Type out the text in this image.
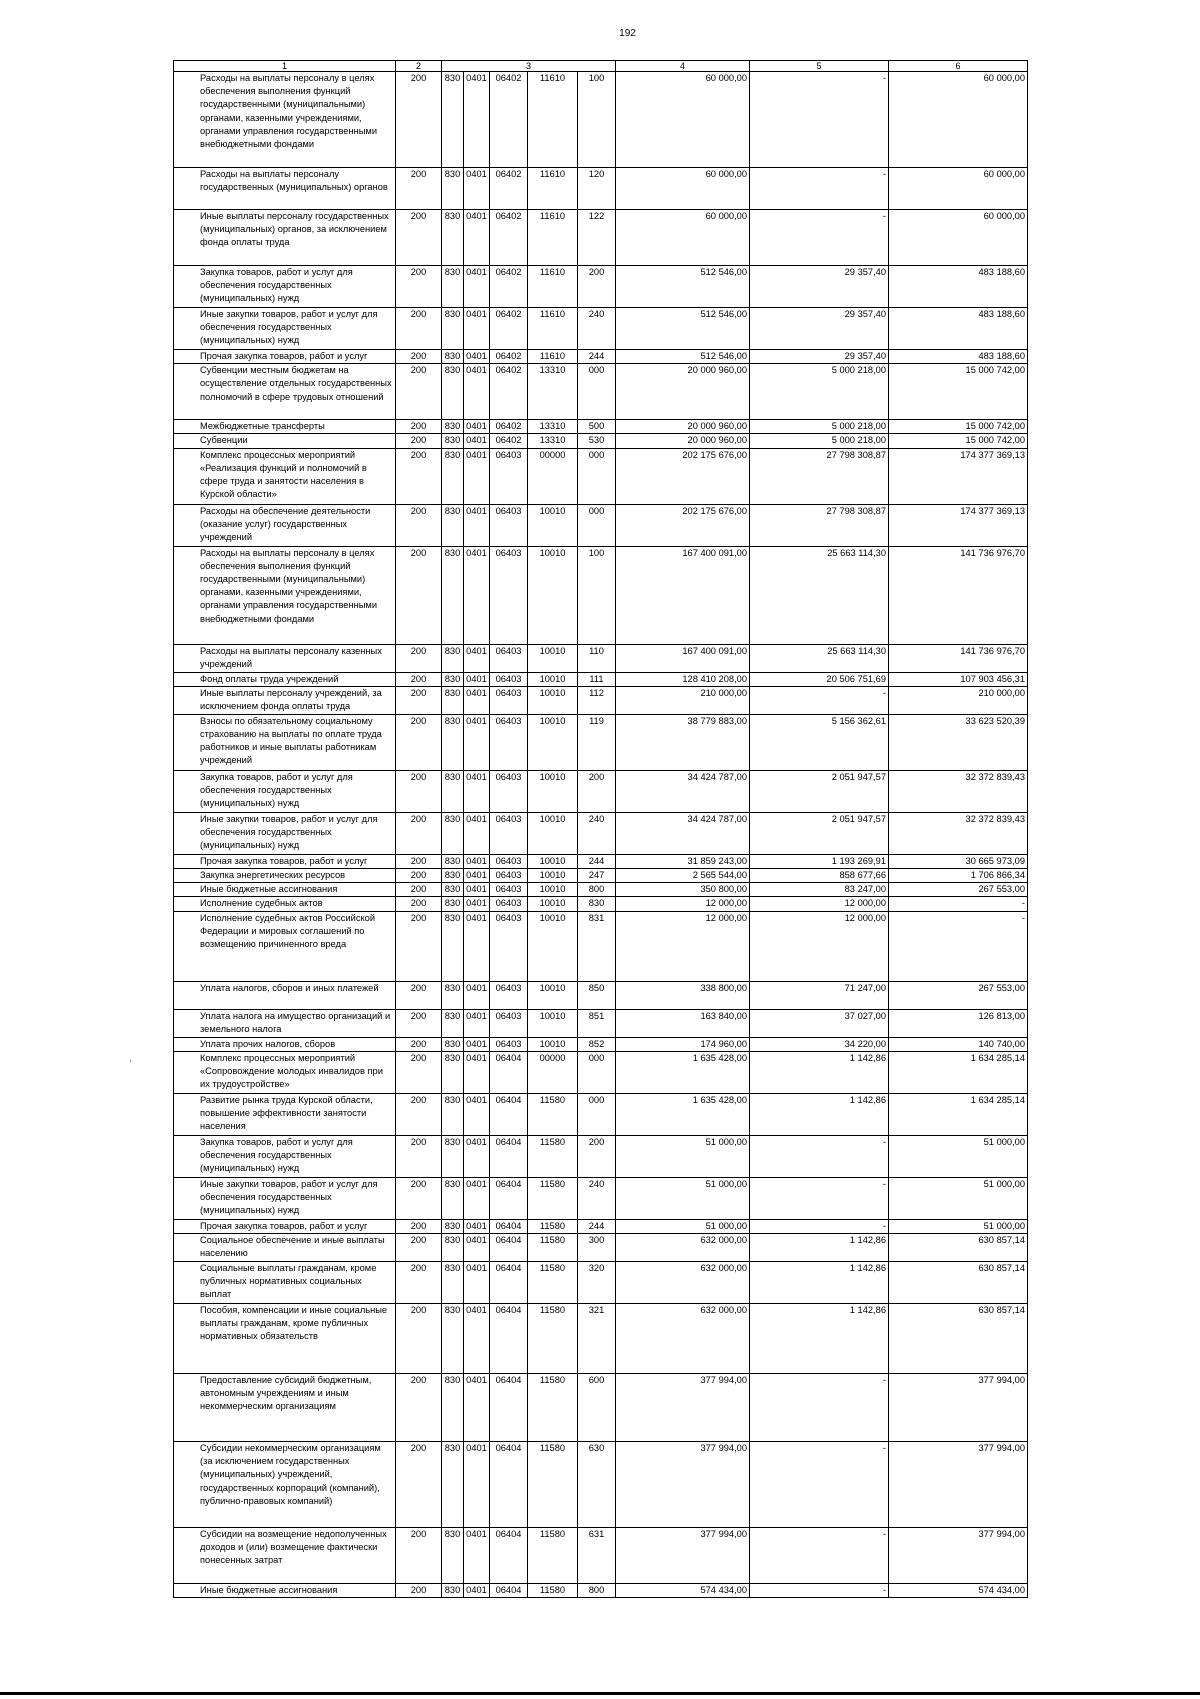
192
1	2	3					4	5	6
Расходы на выплаты персоналу в целях обеспечения выполнения функций государственными (муниципальными) органами, казенными учреждениями, органами управления государственными внебюджетными фондами	200	830	0401	06402	11610	100	60 000,00	-	60 000,00
Расходы на выплаты персоналу государственных (муниципальных) органов	200	830	0401	06402	11610	120	60 000,00	-	60 000,00
Иные выплаты персоналу государственных (муниципальных) органов, за исключением фонда оплаты труда	200	830	0401	06402	11610	122	60 000,00	-	60 000,00
Закупка товаров, работ и услуг для обеспечения государственных (муниципальных) нужд	200	830	0401	06402	11610	200	512 546,00	29 357,40	483 188,60
Иные закупки товаров, работ и услуг для обеспечения государственных (муниципальных) нужд	200	830	0401	06402	11610	240	512 546,00	29 357,40	483 188,60
Прочая закупка товаров, работ и услуг	200	830	0401	06402	11610	244	512 546,00	29 357,40	483 188,60
Субвенции местным бюджетам на осуществление отдельных государственных полномочий в сфере трудовых отношений	200	830	0401	06402	13310	000	20 000 960,00	5 000 218,00	15 000 742,00
Межбюджетные трансферты	200	830	0401	06402	13310	500	20 000 960,00	5 000 218,00	15 000 742,00
Субвенции	200	830	0401	06402	13310	530	20 000 960,00	5 000 218,00	15 000 742,00
Комплекс процессных мероприятий «Реализация функций и полномочий в сфере труда и занятости населения в Курской области»	200	830	0401	06403	00000	000	202 175 676,00	27 798 308,87	174 377 369,13
Расходы на обеспечение деятельности (оказание услуг) государственных учреждений	200	830	0401	06403	10010	000	202 175 676,00	27 798 308,87	174 377 369,13
Расходы на выплаты персоналу в целях обеспечения выполнения функций государственными (муниципальными) органами, казенными учреждениями, органами управления государственными внебюджетными фондами	200	830	0401	06403	10010	100	167 400 091,00	25 663 114,30	141 736 976,70
Расходы на выплаты персоналу казенных учреждений	200	830	0401	06403	10010	110	167 400 091,00	25 663 114,30	141 736 976,70
Фонд оплаты труда учреждений	200	830	0401	06403	10010	111	128 410 208,00	20 506 751,69	107 903 456,31
Иные выплаты персоналу учреждений, за исключением фонда оплаты труда	200	830	0401	06403	10010	112	210 000,00	-	210 000,00
Взносы по обязательному социальному страхованию на выплаты по оплате труда работников и иные выплаты работникам учреждений	200	830	0401	06403	10010	119	38 779 883,00	5 156 362,61	33 623 520,39
Закупка товаров, работ и услуг для обеспечения государственных (муниципальных) нужд	200	830	0401	06403	10010	200	34 424 787,00	2 051 947,57	32 372 839,43
Иные закупки товаров, работ и услуг для обеспечения государственных (муниципальных) нужд	200	830	0401	06403	10010	240	34 424 787,00	2 051 947,57	32 372 839,43
Прочая закупка товаров, работ и услуг	200	830	0401	06403	10010	244	31 859 243,00	1 193 269,91	30 665 973,09
Закупка энергетических ресурсов	200	830	0401	06403	10010	247	2 565 544,00	858 677,66	1 706 866,34
Иные бюджетные ассигнования	200	830	0401	06403	10010	800	350 800,00	83 247,00	267 553,00
Исполнение судебных актов	200	830	0401	06403	10010	830	12 000,00	12 000,00	-
Исполнение судебных актов Российской Федерации и мировых соглашений по возмещению причиненного вреда	200	830	0401	06403	10010	831	12 000,00	12 000,00	-
Уплата налогов, сборов и иных платежей	200	830	0401	06403	10010	850	338 800,00	71 247,00	267 553,00
Уплата налога на имущество организаций и земельного налога	200	830	0401	06403	10010	851	163 840,00	37 027,00	126 813,00
Уплата прочих налогов, сборов	200	830	0401	06403	10010	852	174 960,00	34 220,00	140 740,00
Комплекс процессных мероприятий «Сопровождение молодых инвалидов при их трудоустройстве»	200	830	0401	06404	00000	000	1 635 428,00	1 142,86	1 634 285,14
Развитие рынка труда Курской области, повышение эффективности занятости населения	200	830	0401	06404	11580	000	1 635 428,00	1 142,86	1 634 285,14
Закупка товаров, работ и услуг для обеспечения государственных (муниципальных) нужд	200	830	0401	06404	11580	200	51 000,00	-	51 000,00
Иные закупки товаров, работ и услуг для обеспечения государственных (муниципальных) нужд	200	830	0401	06404	11580	240	51 000,00	-	51 000,00
Прочая закупка товаров, работ и услуг	200	830	0401	06404	11580	244	51 000,00	-	51 000,00
Социальное обеспечение и иные выплаты населению	200	830	0401	06404	11580	300	632 000,00	1 142,86	630 857,14
Социальные выплаты гражданам, кроме публичных нормативных социальных выплат	200	830	0401	06404	11580	320	632 000,00	1 142,86	630 857,14
Пособия, компенсации и иные социальные выплаты гражданам, кроме публичных нормативных обязательств	200	830	0401	06404	11580	321	632 000,00	1 142,86	630 857,14
Предоставление субсидий бюджетным, автономным учреждениям и иным некоммерческим организациям	200	830	0401	06404	11580	600	377 994,00	-	377 994,00
Субсидии некоммерческим организациям (за исключением государственных (муниципальных) учреждений, государственных корпораций (компаний), публично-правовых компаний)	200	830	0401	06404	11580	630	377 994,00	-	377 994,00
Субсидии на возмещение недополученных доходов и (или) возмещение фактически понесенных затрат	200	830	0401	06404	11580	631	377 994,00	-	377 994,00
Иные бюджетные ассигнования	200	830	0401	06404	11580	800	574 434,00	-	574 434,00
